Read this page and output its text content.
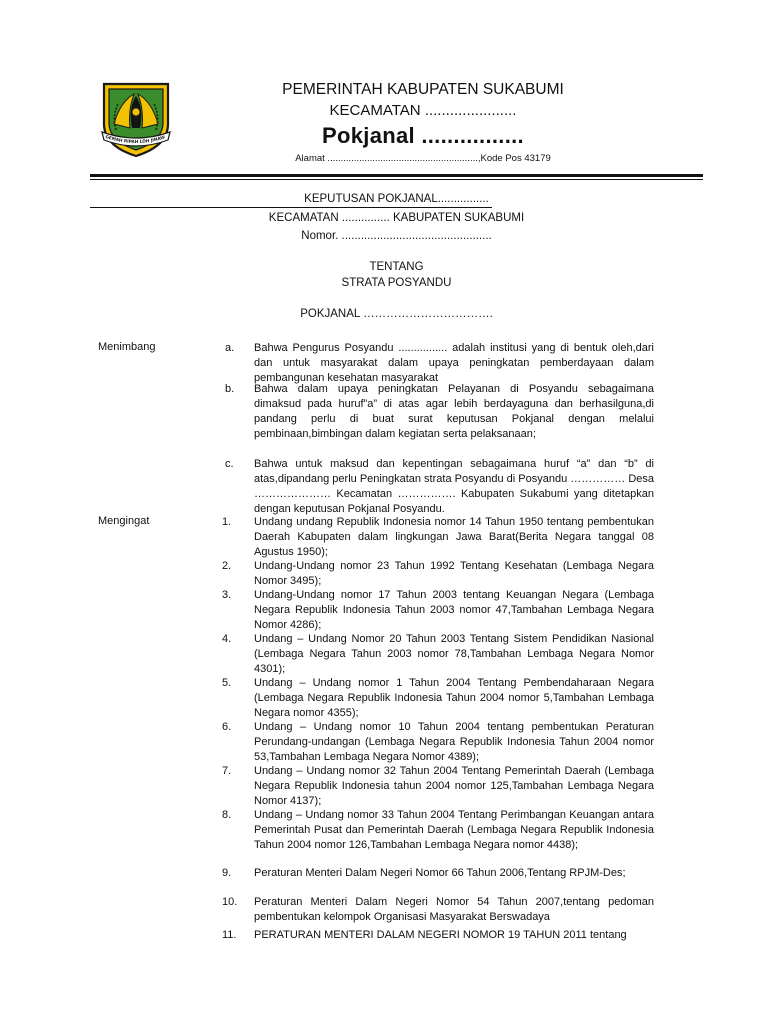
GEMAH RIPAH LOH JINAW
PEMERINTAH KABUPATEN SUKABUMI
KECAMATAN ......................
Pokjanal ................
Alamat .........................................................,Kode Pos 43179
KEPUTUSAN POKJANAL................
KECAMATAN ............... KABUPATEN SUKABUMI
Nomor. ...............................................
TENTANG
STRATA POSYANDU
POKJANAL …………………………….
Menimbang	a.	Bahwa Pengurus Posyandu ................ adalah institusi yang di bentuk oleh,dari dan untuk masyarakat dalam upaya peningkatan pemberdayaan dalam pembangunan kesehatan masyarakat
b.	Bahwa dalam upaya peningkatan Pelayanan di Posyandu sebagaimana dimaksud pada huruf”a” di atas agar lebih berdayaguna dan berhasilguna,di pandang perlu di buat surat keputusan Pokjanal dengan melalui pembinaan,bimbingan dalam kegiatan serta pelaksanaan;
c.	Bahwa untuk maksud dan kepentingan sebagaimana huruf “a” dan “b” di atas,dipandang perlu Peningkatan strata Posyandu di Posyandu …………… Desa ………………… Kecamatan ……………. Kabupaten Sukabumi yang ditetapkan dengan keputusan Pokjanal Posyandu.
Mengingat	1.	Undang undang Republik Indonesia nomor 14 Tahun 1950 tentang pembentukan Daerah Kabupaten dalam lingkungan Jawa Barat(Berita Negara tanggal 08 Agustus 1950);
2.	Undang-Undang nomor 23 Tahun 1992 Tentang Kesehatan (Lembaga Negara Nomor 3495);
3.	Undang-Undang nomor 17 Tahun 2003 tentang Keuangan Negara (Lembaga Negara Republik Indonesia Tahun 2003 nomor 47,Tambahan Lembaga Negara Nomor 4286);
4.	Undang – Undang Nomor 20 Tahun 2003 Tentang Sistem Pendidikan Nasional (Lembaga Negara Tahun 2003 nomor 78,Tambahan Lembaga Negara Nomor 4301);
5.	Undang – Undang nomor 1 Tahun 2004 Tentang Pembendaharaan Negara (Lembaga Negara Republik Indonesia Tahun 2004 nomor 5,Tambahan Lembaga Negara nomor 4355);
6.	Undang – Undang nomor 10 Tahun 2004 tentang pembentukan Peraturan Perundang-undangan (Lembaga Negara Republik Indonesia Tahun 2004 nomor 53,Tambahan Lembaga Negara Nomor 4389);
7.	Undang – Undang nomor 32 Tahun 2004 Tentang Pemerintah Daerah (Lembaga Negara Republik Indonesia tahun 2004 nomor 125,Tambahan Lembaga Negara Nomor 4137);
8.	Undang – Undang nomor 33 Tahun 2004 Tentang Perimbangan Keuangan antara Pemerintah Pusat dan Pemerintah Daerah (Lembaga Negara Republik Indonesia Tahun 2004 nomor 126,Tambahan Lembaga Negara nomor 4438);
9.	Peraturan Menteri Dalam Negeri Nomor 66 Tahun 2006,Tentang RPJM-Des;
10.	Peraturan Menteri Dalam Negeri Nomor 54 Tahun 2007,tentang pedoman pembentukan kelompok Organisasi Masyarakat Berswadaya
11.	PERATURAN MENTERI DALAM NEGERI NOMOR 19 TAHUN 2011 tentang
